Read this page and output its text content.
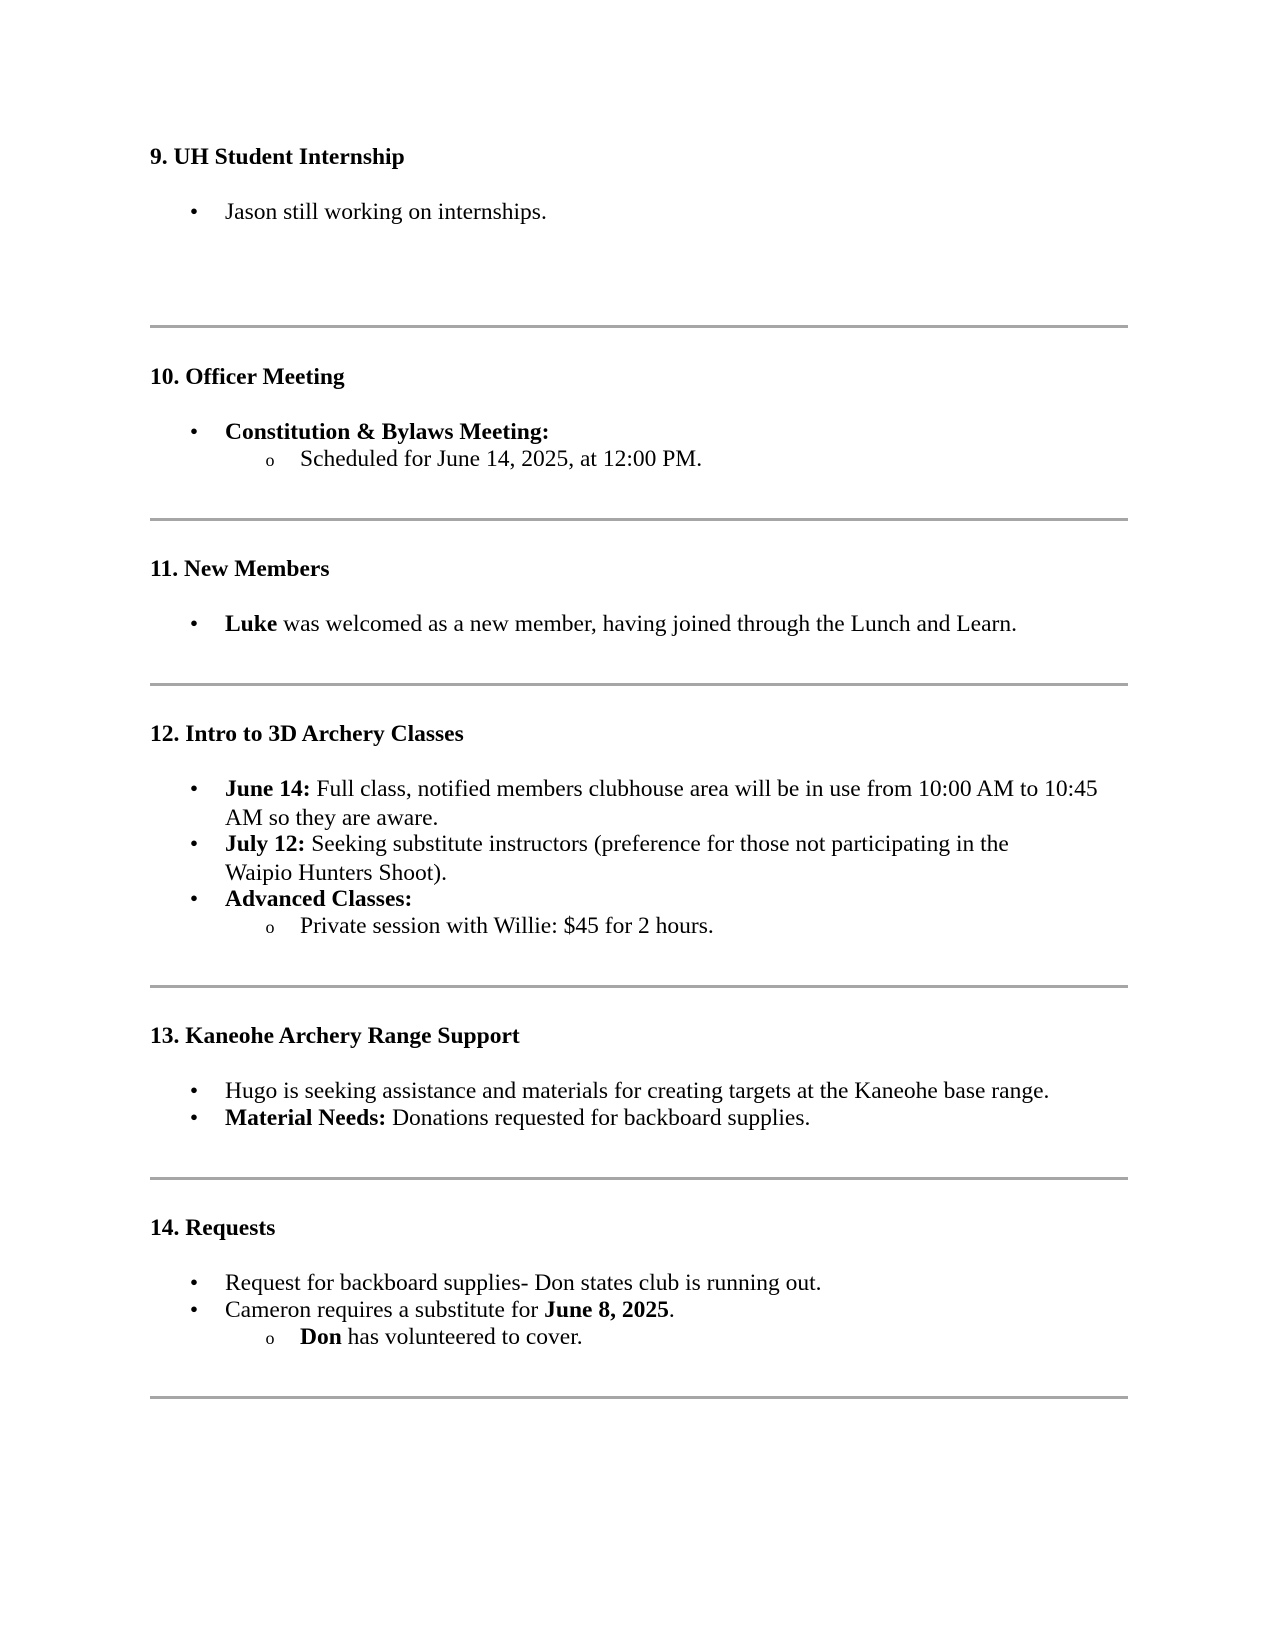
9. UH Student Internship
• Jason still working on internships.
10. Officer Meeting
• Constitution & Bylaws Meeting:
o Scheduled for June 14, 2025, at 12:00 PM.
11. New Members
• Luke was welcomed as a new member, having joined through the Lunch and Learn.
12. Intro to 3D Archery Classes
• June 14: Full class, notified members clubhouse area will be in use from 10:00 AM to 10:45 AM so they are aware.
• July 12: Seeking substitute instructors (preference for those not participating in the Waipio Hunters Shoot).
• Advanced Classes:
o Private session with Willie: $45 for 2 hours.
13. Kaneohe Archery Range Support
• Hugo is seeking assistance and materials for creating targets at the Kaneohe base range.
• Material Needs: Donations requested for backboard supplies.
14. Requests
• Request for backboard supplies- Don states club is running out.
• Cameron requires a substitute for June 8, 2025.
o Don has volunteered to cover.
